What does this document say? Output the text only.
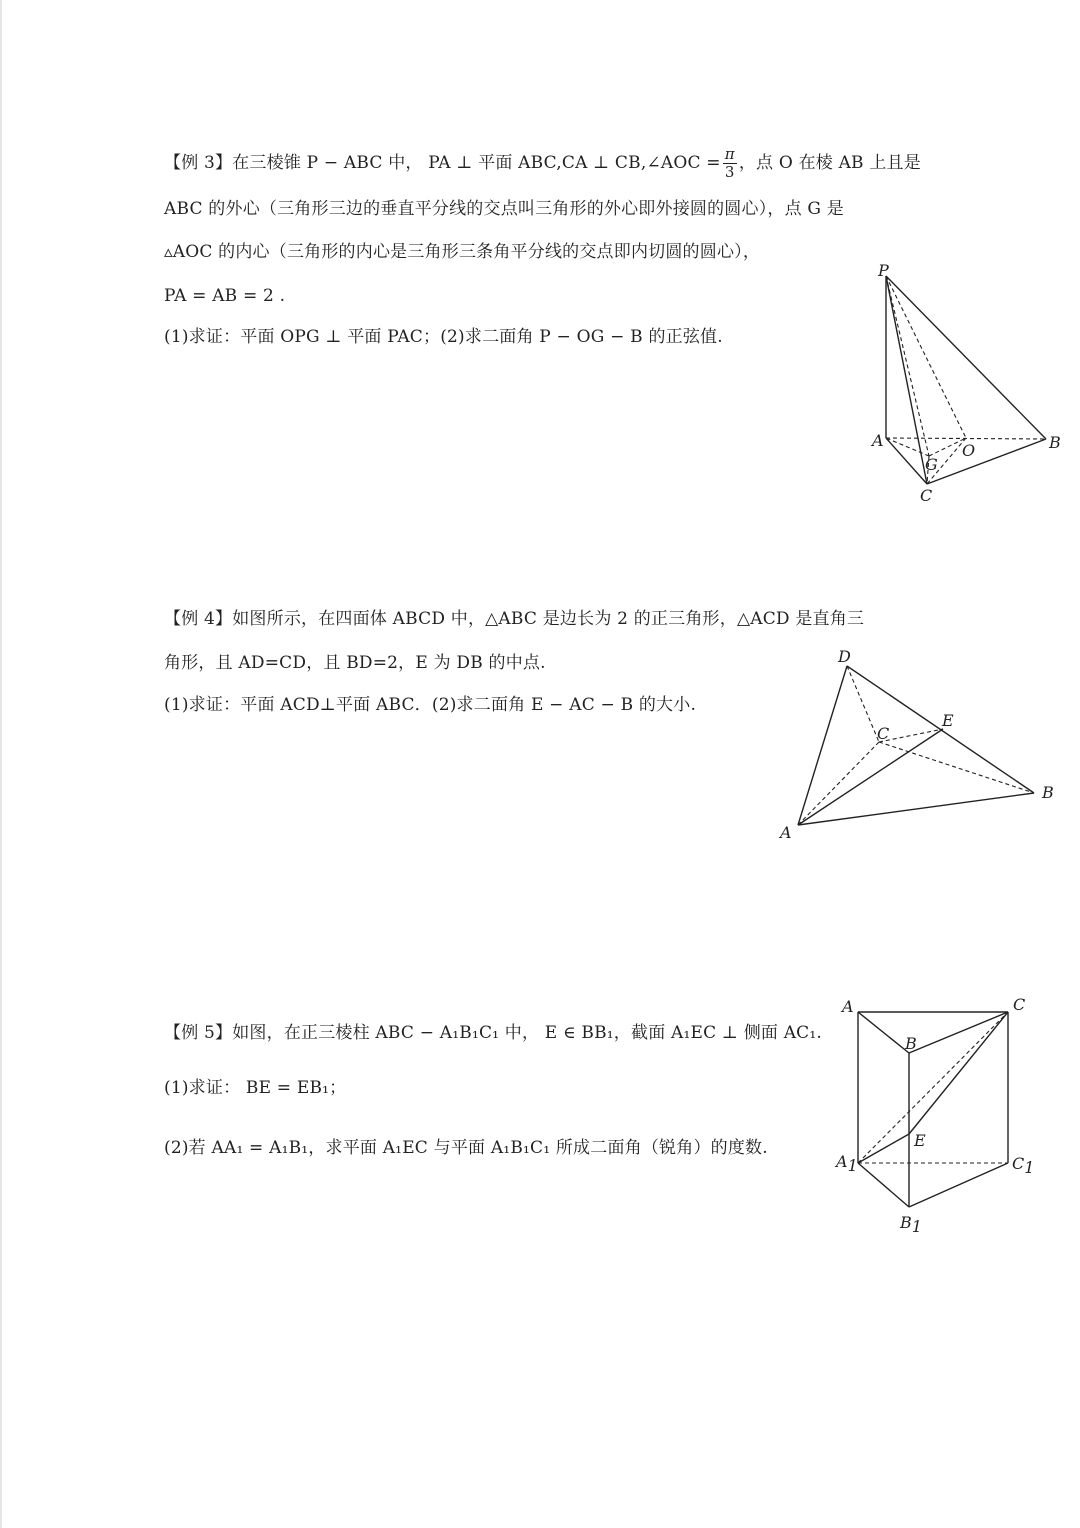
【例 3】在三棱锥 P − ABC 中， PA ⊥ 平面 ABC,CA ⊥ CB,∠AOC = $\frac{\pi}{3}$ ，点 O 在棱 AB 上且是
ABC 的外心（三角形三边的垂直平分线的交点叫三角形的外心即外接圆的圆心），点 G 是
▵AOC 的内心（三角形的内心是三角形三条角平分线的交点即内切圆的圆心），
PA = AB = 2 .
(1)求证：平面 OPG ⊥ 平面 PAC；(2)求二面角 P − OG − B 的正弦值.
P
A	B
C
G
O
【例 4】如图所示，在四面体 ABCD 中，△ABC 是边长为 2 的正三角形，△ACD 是直角三
角形，且 AD=CD，且 BD=2，E 为 DB 的中点.
(1)求证：平面 ACD⊥平面 ABC．(2)求二面角 E − AC − B 的大小.
D
C
E
A
B
【例 5】如图，在正三棱柱 ABC − A₁B₁C₁ 中， E ∈ BB₁，截面 A₁EC ⊥ 侧面 AC₁.
(1)求证： BE = EB₁；
(2)若 AA₁ = A₁B₁，求平面 A₁EC 与平面 A₁B₁C₁ 所成二面角（锐角）的度数.
A	C
B
E
A1	C1
B1
